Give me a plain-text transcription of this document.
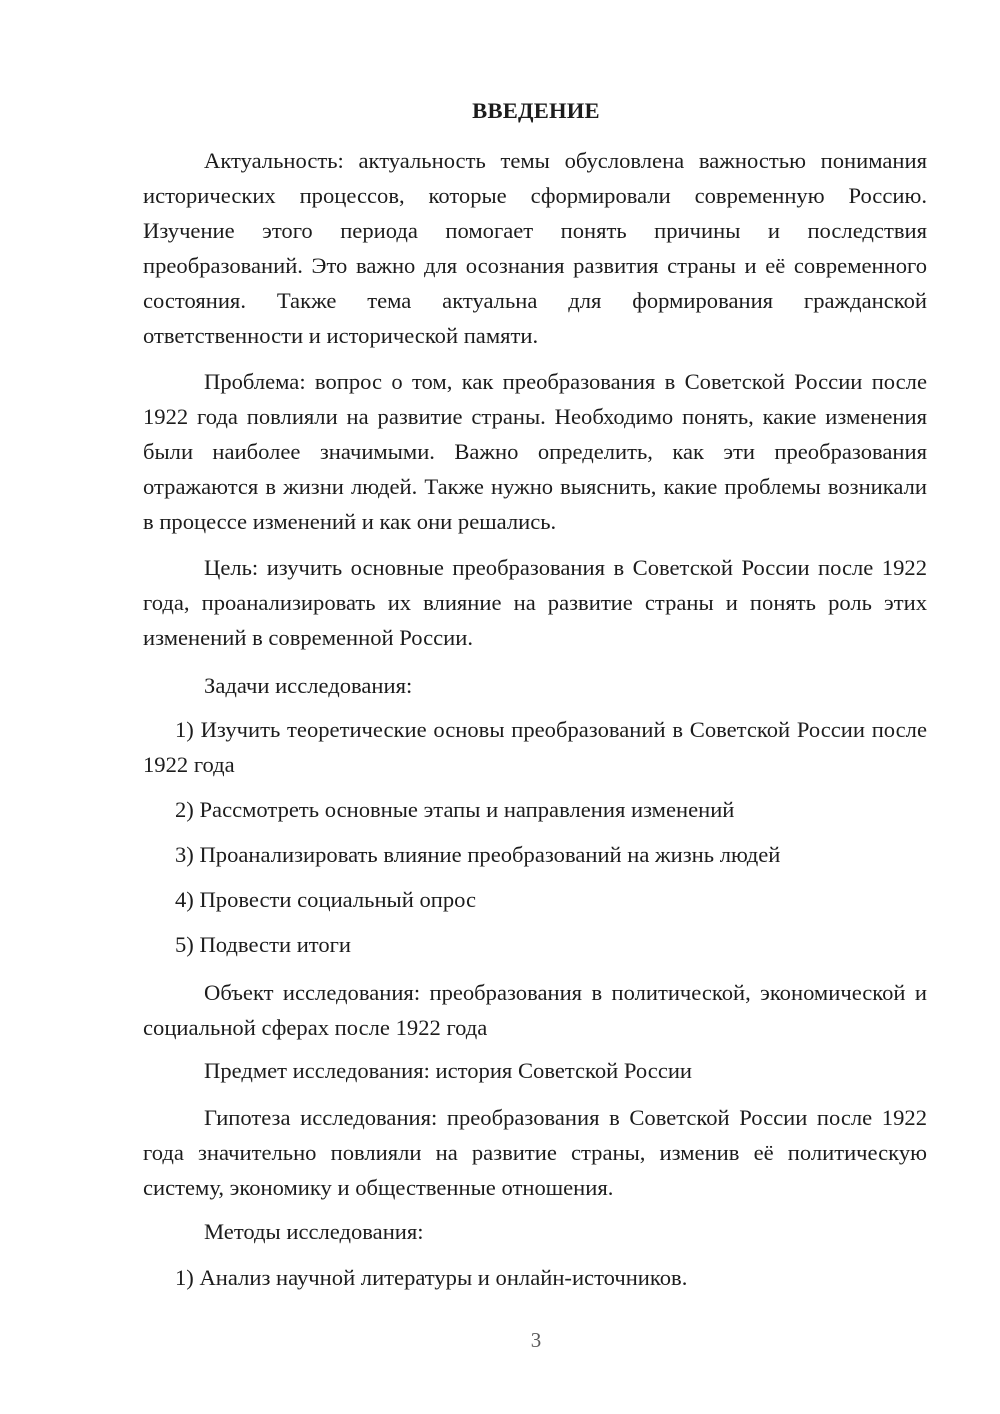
ВВЕДЕНИЕ

Актуальность: актуальность темы обусловлена важностью понимания исторических процессов, которые сформировали современную Россию. Изучение этого периода помогает понять причины и последствия преобразований. Это важно для осознания развития страны и её современного состояния. Также тема актуальна для формирования гражданской ответственности и исторической памяти.

Проблема: вопрос о том, как преобразования в Советской России после 1922 года повлияли на развитие страны. Необходимо понять, какие изменения были наиболее значимыми. Важно определить, как эти преобразования отражаются в жизни людей. Также нужно выяснить, какие проблемы возникали в процессе изменений и как они решались.

Цель: изучить основные преобразования в Советской России после 1922 года, проанализировать их влияние на развитие страны и понять роль этих изменений в современной России.

Задачи исследования:

1) Изучить теоретические основы преобразований в Советской России после 1922 года

2) Рассмотреть основные этапы и направления изменений

3) Проанализировать влияние преобразований на жизнь людей

4) Провести социальный опрос

5) Подвести итоги

Объект исследования: преобразования в политической, экономической и социальной сферах после 1922 года

Предмет исследования: история Советской России

Гипотеза исследования: преобразования в Советской России после 1922 года значительно повлияли на развитие страны, изменив её политическую систему, экономику и общественные отношения.

Методы исследования:

1) Анализ научной литературы и онлайн-источников.

3
